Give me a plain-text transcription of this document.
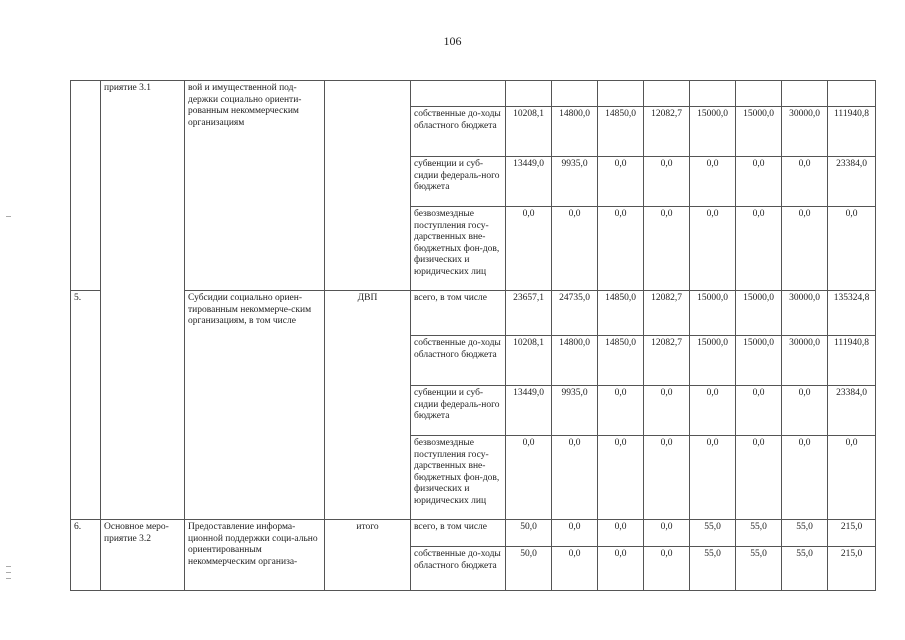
106
	приятие 3.1	вой и имущественной под-держки социально ориенти-рованным некоммерческим организациям										
				собственные до-ходы областного бюджета	10208,1	14800,0	14850,0	12082,7	15000,0	15000,0	30000,0	111940,8
				субвенции и суб-сидии федераль-ного бюджета	13449,0	9935,0	0,0	0,0	0,0	0,0	0,0	23384,0
				безвозмездные поступления госу-дарственных вне-бюджетных фон-дов, физических и юридических лиц	0,0	0,0	0,0	0,0	0,0	0,0	0,0	0,0
5.		Субсидии социально ориен-тированным некоммерче-ским организациям, в том числе	ДВП	всего, в том числе	23657,1	24735,0	14850,0	12082,7	15000,0	15000,0	30000,0	135324,8
				собственные до-ходы областного бюджета	10208,1	14800,0	14850,0	12082,7	15000,0	15000,0	30000,0	111940,8
				субвенции и суб-сидии федераль-ного бюджета	13449,0	9935,0	0,0	0,0	0,0	0,0	0,0	23384,0
				безвозмездные поступления госу-дарственных вне-бюджетных фон-дов, физических и юридических лиц	0,0	0,0	0,0	0,0	0,0	0,0	0,0	0,0
6.	Основное меро-приятие 3.2	Предоставление информа-ционной поддержки соци-ально ориентированным некоммерческим организа-	итого	всего, в том числе	50,0	0,0	0,0	0,0	55,0	55,0	55,0	215,0
				собственные до-ходы областного бюджета	50,0	0,0	0,0	0,0	55,0	55,0	55,0	215,0
